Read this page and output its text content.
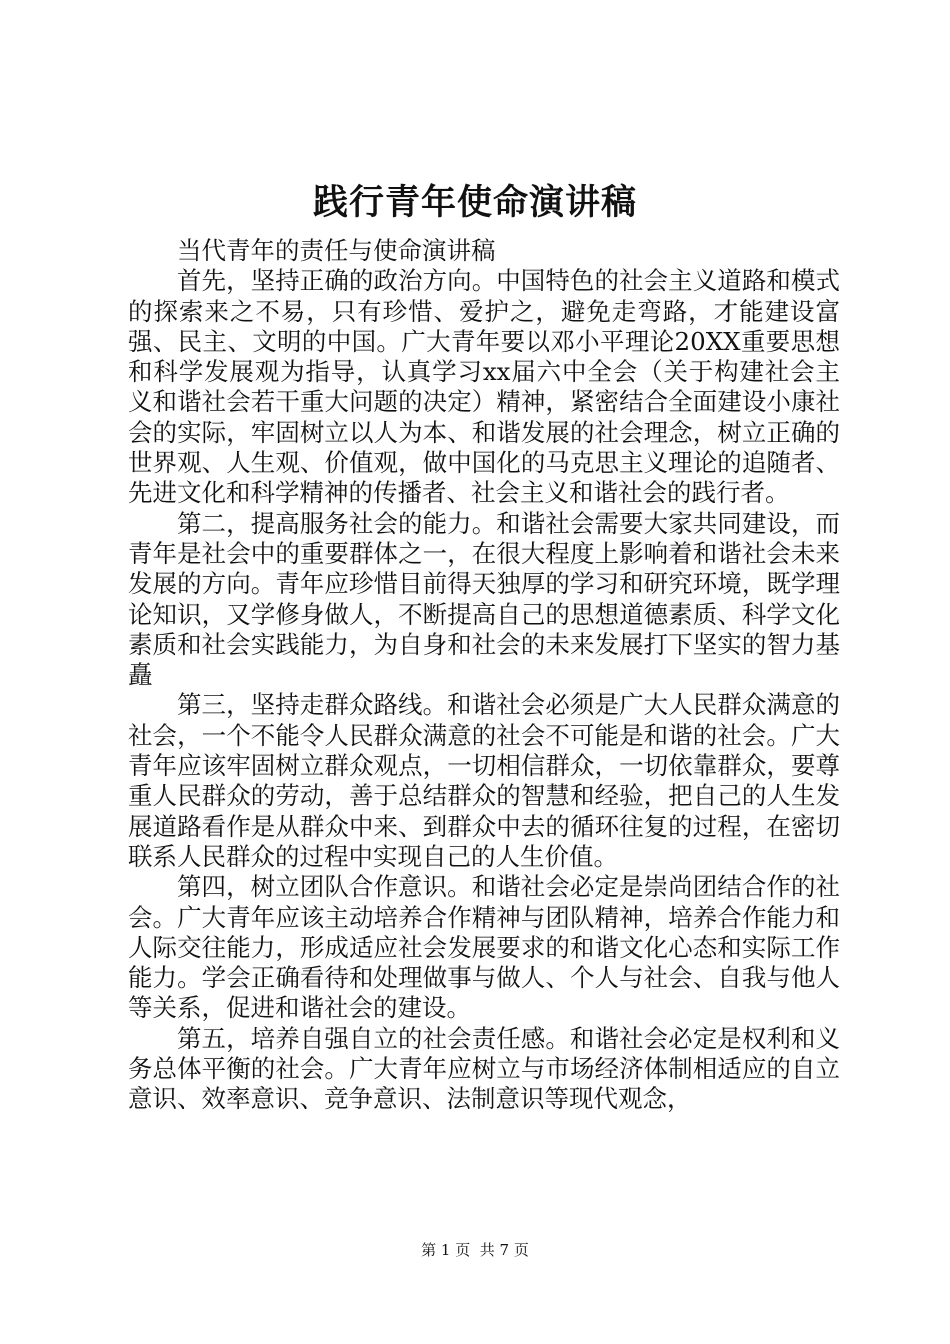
践行青年使命演讲稿

当代青年的责任与使命演讲稿

首先，坚持正确的政治方向。中国特色的社会主义道路和模式的探索来之不易，只有珍惜、爱护之，避免走弯路，才能建设富强、民主、文明的中国。广大青年要以邓小平理论20XX重要思想和科学发展观为指导，认真学习xx届六中全会（关于构建社会主义和谐社会若干重大问题的决定）精神，紧密结合全面建设小康社会的实际，牢固树立以人为本、和谐发展的社会理念，树立正确的世界观、人生观、价值观，做中国化的马克思主义理论的追随者、先进文化和科学精神的传播者、社会主义和谐社会的践行者。

第二，提高服务社会的能力。和谐社会需要大家共同建设，而青年是社会中的重要群体之一，在很大程度上影响着和谐社会未来发展的方向。青年应珍惜目前得天独厚的学习和研究环境，既学理论知识，又学修身做人，不断提高自己的思想道德素质、科学文化素质和社会实践能力，为自身和社会的未来发展打下坚实的智力基矗

第三，坚持走群众路线。和谐社会必须是广大人民群众满意的社会，一个不能令人民群众满意的社会不可能是和谐的社会。广大青年应该牢固树立群众观点，一切相信群众，一切依靠群众，要尊重人民群众的劳动，善于总结群众的智慧和经验，把自己的人生发展道路看作是从群众中来、到群众中去的循环往复的过程，在密切联系人民群众的过程中实现自己的人生价值。

第四，树立团队合作意识。和谐社会必定是崇尚团结合作的社会。广大青年应该主动培养合作精神与团队精神，培养合作能力和人际交往能力，形成适应社会发展要求的和谐文化心态和实际工作能力。学会正确看待和处理做事与做人、个人与社会、自我与他人等关系，促进和谐社会的建设。

第五，培养自强自立的社会责任感。和谐社会必定是权利和义务总体平衡的社会。广大青年应树立与市场经济体制相适应的自立意识、效率意识、竞争意识、法制意识等现代观念，

第 1 页 共 7 页
